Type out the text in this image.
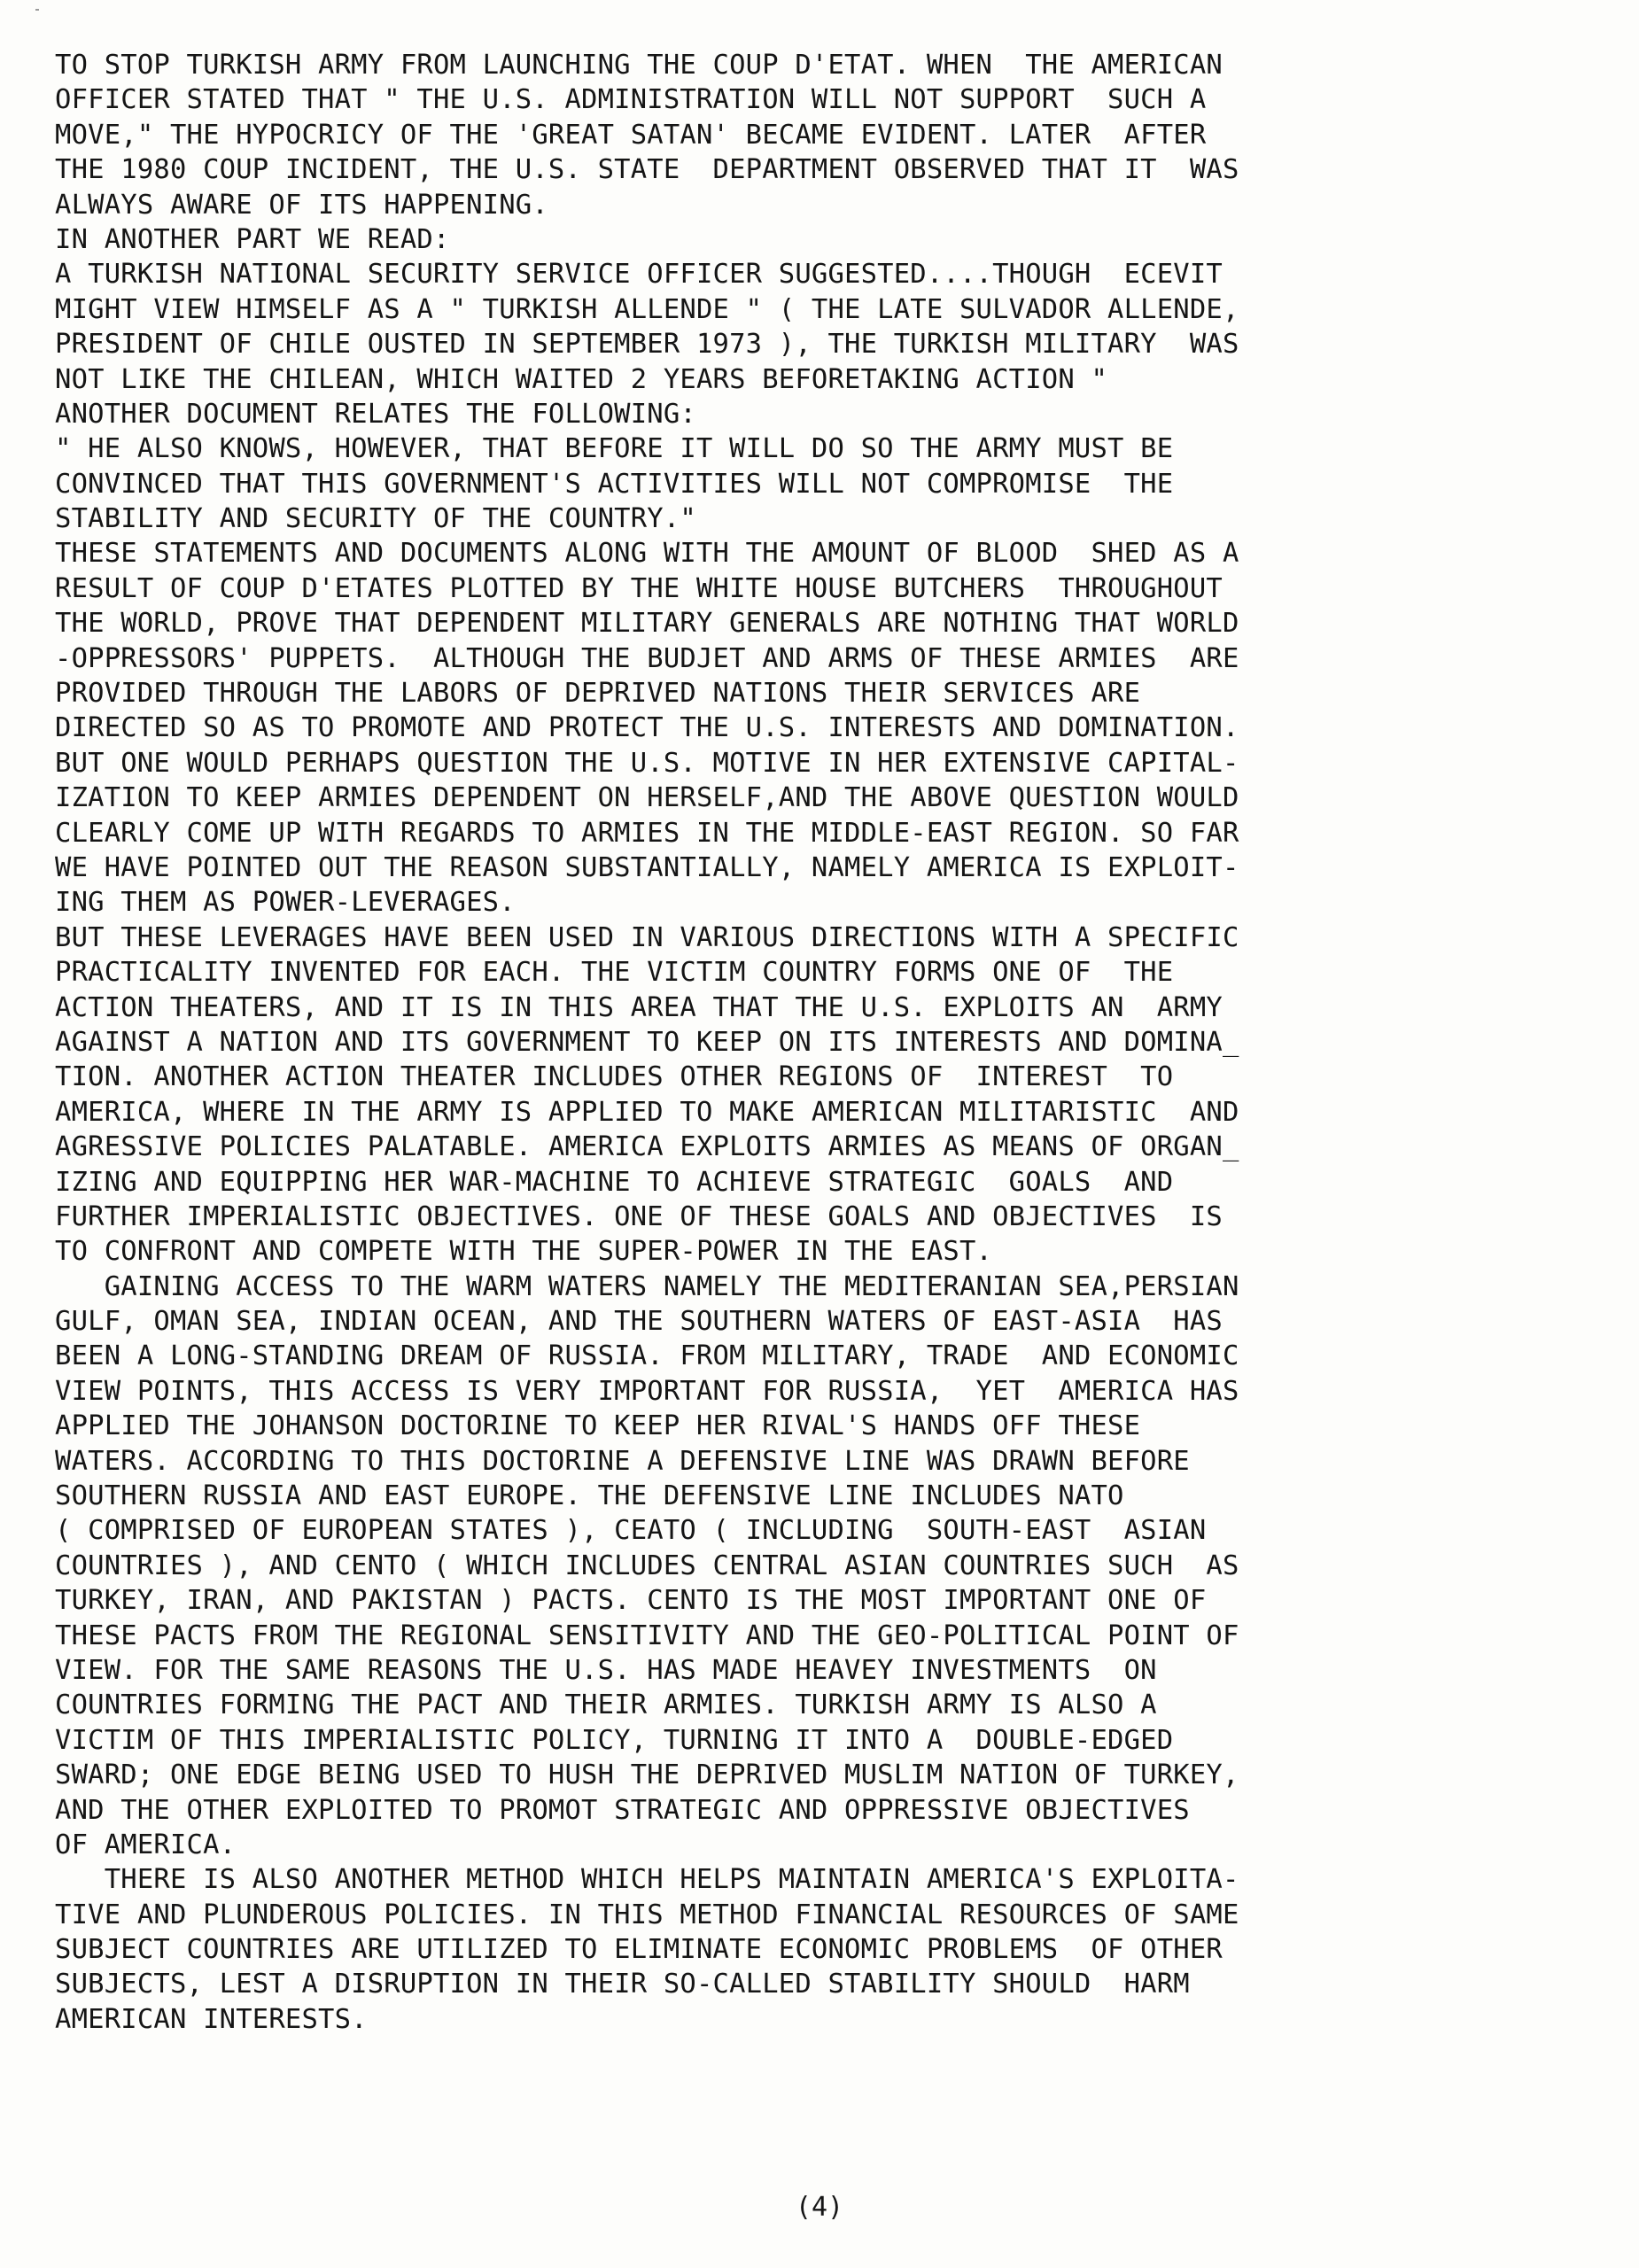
TO STOP TURKISH ARMY FROM LAUNCHING THE COUP D'ETAT. WHEN  THE AMERICAN
OFFICER STATED THAT " THE U.S. ADMINISTRATION WILL NOT SUPPORT  SUCH A
MOVE," THE HYPOCRICY OF THE 'GREAT SATAN' BECAME EVIDENT. LATER  AFTER
THE 1980 COUP INCIDENT, THE U.S. STATE  DEPARTMENT OBSERVED THAT IT  WAS
ALWAYS AWARE OF ITS HAPPENING.
IN ANOTHER PART WE READ:
A TURKISH NATIONAL SECURITY SERVICE OFFICER SUGGESTED....THOUGH  ECEVIT
MIGHT VIEW HIMSELF AS A " TURKISH ALLENDE " ( THE LATE SULVADOR ALLENDE,
PRESIDENT OF CHILE OUSTED IN SEPTEMBER 1973 ), THE TURKISH MILITARY  WAS
NOT LIKE THE CHILEAN, WHICH WAITED 2 YEARS BEFORETAKING ACTION "
ANOTHER DOCUMENT RELATES THE FOLLOWING:
" HE ALSO KNOWS, HOWEVER, THAT BEFORE IT WILL DO SO THE ARMY MUST BE
CONVINCED THAT THIS GOVERNMENT'S ACTIVITIES WILL NOT COMPROMISE  THE
STABILITY AND SECURITY OF THE COUNTRY."
THESE STATEMENTS AND DOCUMENTS ALONG WITH THE AMOUNT OF BLOOD  SHED AS A
RESULT OF COUP D'ETATES PLOTTED BY THE WHITE HOUSE BUTCHERS  THROUGHOUT
THE WORLD, PROVE THAT DEPENDENT MILITARY GENERALS ARE NOTHING THAT WORLD
-OPPRESSORS' PUPPETS.  ALTHOUGH THE BUDJET AND ARMS OF THESE ARMIES  ARE
PROVIDED THROUGH THE LABORS OF DEPRIVED NATIONS THEIR SERVICES ARE
DIRECTED SO AS TO PROMOTE AND PROTECT THE U.S. INTERESTS AND DOMINATION.
BUT ONE WOULD PERHAPS QUESTION THE U.S. MOTIVE IN HER EXTENSIVE CAPITAL-
IZATION TO KEEP ARMIES DEPENDENT ON HERSELF,AND THE ABOVE QUESTION WOULD
CLEARLY COME UP WITH REGARDS TO ARMIES IN THE MIDDLE-EAST REGION. SO FAR
WE HAVE POINTED OUT THE REASON SUBSTANTIALLY, NAMELY AMERICA IS EXPLOIT-
ING THEM AS POWER-LEVERAGES.
BUT THESE LEVERAGES HAVE BEEN USED IN VARIOUS DIRECTIONS WITH A SPECIFIC
PRACTICALITY INVENTED FOR EACH. THE VICTIM COUNTRY FORMS ONE OF  THE
ACTION THEATERS, AND IT IS IN THIS AREA THAT THE U.S. EXPLOITS AN  ARMY
AGAINST A NATION AND ITS GOVERNMENT TO KEEP ON ITS INTERESTS AND DOMINA_
TION. ANOTHER ACTION THEATER INCLUDES OTHER REGIONS OF  INTEREST  TO
AMERICA, WHERE IN THE ARMY IS APPLIED TO MAKE AMERICAN MILITARISTIC  AND
AGRESSIVE POLICIES PALATABLE. AMERICA EXPLOITS ARMIES AS MEANS OF ORGAN_
IZING AND EQUIPPING HER WAR-MACHINE TO ACHIEVE STRATEGIC  GOALS  AND
FURTHER IMPERIALISTIC OBJECTIVES. ONE OF THESE GOALS AND OBJECTIVES  IS
TO CONFRONT AND COMPETE WITH THE SUPER-POWER IN THE EAST.
GAINING ACCESS TO THE WARM WATERS NAMELY THE MEDITERANIAN SEA,PERSIAN
GULF, OMAN SEA, INDIAN OCEAN, AND THE SOUTHERN WATERS OF EAST-ASIA  HAS
BEEN A LONG-STANDING DREAM OF RUSSIA. FROM MILITARY, TRADE  AND ECONOMIC
VIEW POINTS, THIS ACCESS IS VERY IMPORTANT FOR RUSSIA,  YET  AMERICA HAS
APPLIED THE JOHANSON DOCTORINE TO KEEP HER RIVAL'S HANDS OFF THESE
WATERS. ACCORDING TO THIS DOCTORINE A DEFENSIVE LINE WAS DRAWN BEFORE
SOUTHERN RUSSIA AND EAST EUROPE. THE DEFENSIVE LINE INCLUDES NATO
( COMPRISED OF EUROPEAN STATES ), CEATO ( INCLUDING  SOUTH-EAST  ASIAN
COUNTRIES ), AND CENTO ( WHICH INCLUDES CENTRAL ASIAN COUNTRIES SUCH  AS
TURKEY, IRAN, AND PAKISTAN ) PACTS. CENTO IS THE MOST IMPORTANT ONE OF
THESE PACTS FROM THE REGIONAL SENSITIVITY AND THE GEO-POLITICAL POINT OF
VIEW. FOR THE SAME REASONS THE U.S. HAS MADE HEAVEY INVESTMENTS  ON
COUNTRIES FORMING THE PACT AND THEIR ARMIES. TURKISH ARMY IS ALSO A
VICTIM OF THIS IMPERIALISTIC POLICY, TURNING IT INTO A  DOUBLE-EDGED
SWARD; ONE EDGE BEING USED TO HUSH THE DEPRIVED MUSLIM NATION OF TURKEY,
AND THE OTHER EXPLOITED TO PROMOT STRATEGIC AND OPPRESSIVE OBJECTIVES
OF AMERICA.
THERE IS ALSO ANOTHER METHOD WHICH HELPS MAINTAIN AMERICA'S EXPLOITA-
TIVE AND PLUNDEROUS POLICIES. IN THIS METHOD FINANCIAL RESOURCES OF SAME
SUBJECT COUNTRIES ARE UTILIZED TO ELIMINATE ECONOMIC PROBLEMS  OF OTHER
SUBJECTS, LEST A DISRUPTION IN THEIR SO-CALLED STABILITY SHOULD  HARM
AMERICAN INTERESTS.
(4)
